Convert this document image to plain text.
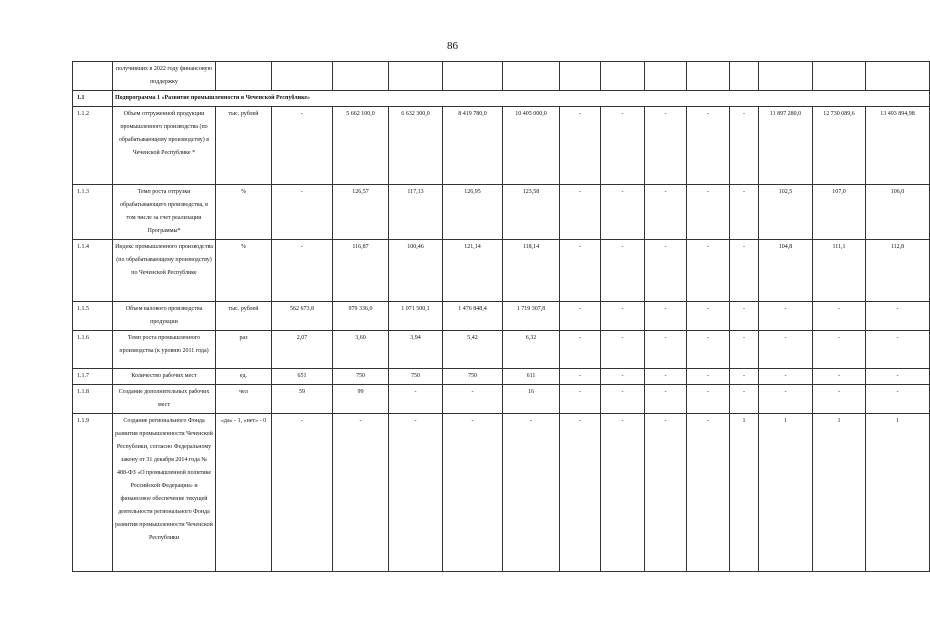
86
	получивших в 2022 году финансовую поддержку														
1.1	Подпрограмма 1 «Развитие промышленности в Чеченской Республике»														
1.1.2	Объем отгруженной продукции промышленного производства (по обрабатывающему производству) в Чеченской Республике *	тыс. рублей	-	5 662 100,0	6 632 300,0	8 419 780,0	10 405 000,0	-	-	-	-	-	11 897 280,0	12 730 089,6	13 493 894,98
1.1.3	Темп роста отгрузки обрабатывающего производства, в том числе за счет реализации Программы*	%	-	126,57	117,13	126,95	123,58	-	-	-	-	-	102,5	107,0	106,0
1.1.4	Индекс промышленного производства (по обрабатывающему производству) по Чеченской Республике	%	-	116,87	100,46	121,14	118,14	-	-	-	-	-	104,8	111,1	112,8
1.1.5	Объем валового производства продукции	тыс. рублей	562 673,8	979 336,0	1 071 500,1	1 476 848,4	1 719 307,8	-	-	-	-	-	-	-	-
1.1.6	Темп роста промышленного производства (к уровню 2011 года)	раз	2,07	3,60	3,94	5,42	6,32	-	-	-	-	-	-	-	-
1.1.7	Количество рабочих мест	ед.	651	750	750	750	611	-	-	-	-	-	-	-	-
1.1.8	Создание дополнительных рабочих мест	чел	59	99	-	-	16	-	-	-	-	-	-	-	-
1.1.9	Создание регионального Фонда развития промышленности Чеченской Республики, согласно Федеральному закону от 31 декабря 2014 года № 488-ФЗ «О промышленной политике Российской Федерации» и финансовое обеспечение текущей деятельности регионального Фонда развития промышленности Чеченской Республики	«да» - 1, «нет» - 0	-	-	-	-	-	-	-	-	-	1	1	1	1
